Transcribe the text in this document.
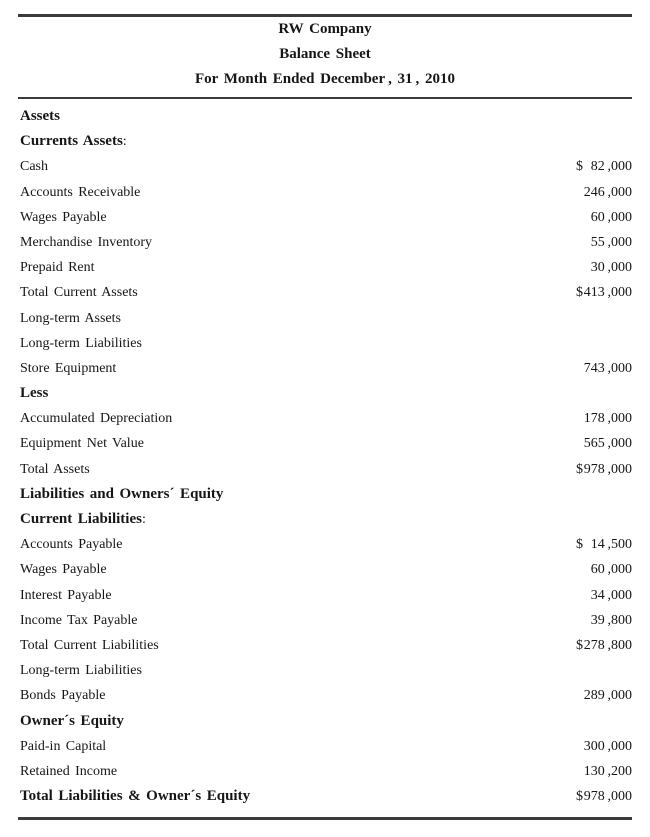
RW Company
Balance Sheet
For Month Ended December , 31 , 2010
Assets
Currents Assets:
Cash	$ 82 ,000
Accounts Receivable	246 ,000
Wages Payable	60 ,000
Merchandise Inventory	55 ,000
Prepaid Rent	30 ,000
Total Current Assets	$ 413 ,000
Long-term Assets
Long-term Liabilities
Store Equipment	743 ,000
Less
Accumulated Depreciation	178 ,000
Equipment Net Value	565 ,000
Total Assets	$ 978 ,000
Liabilities and Owners´ Equity
Current Liabilities:
Accounts Payable	$ 14 ,500
Wages Payable	60 ,000
Interest Payable	34 ,000
Income Tax Payable	39 ,800
Total Current Liabilities	$ 278 ,800
Long-term Liabilities
Bonds Payable	289 ,000
Owner´s Equity
Paid-in Capital	300 ,000
Retained Income	130 ,200
Total Liabilities & Owner´s Equity	$ 978 ,000
